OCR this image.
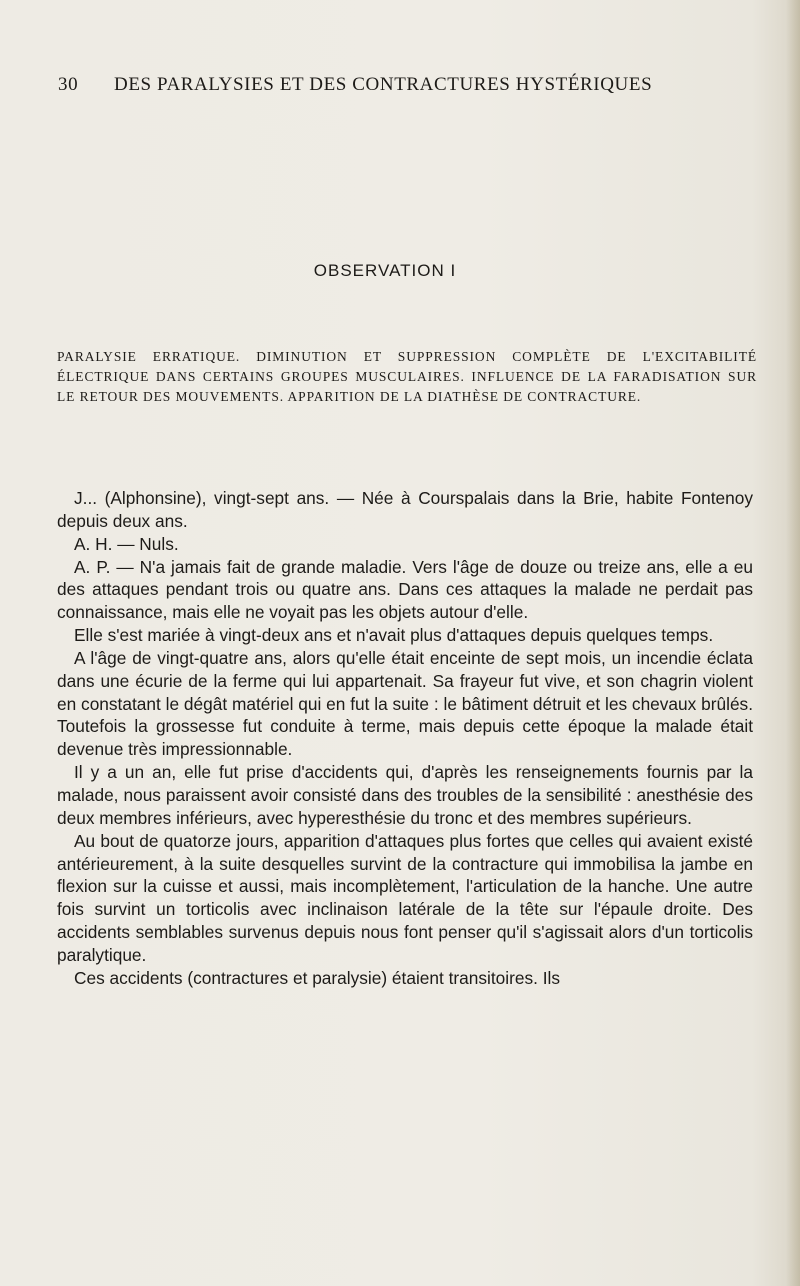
30 DES PARALYSIES ET DES CONTRACTURES HYSTÉRIQUES
OBSERVATION I
PARALYSIE ERRATIQUE. DIMINUTION ET SUPPRESSION COMPLÈTE DE L'EXCITABILITÉ ÉLECTRIQUE DANS CERTAINS GROUPES MUSCULAIRES. INFLUENCE DE LA FARADISATION SUR LE RETOUR DES MOUVEMENTS. APPARITION DE LA DIATHÈSE DE CONTRACTURE.

J... (Alphonsine), vingt-sept ans. — Née à Courspalais dans la Brie, habite Fontenoy depuis deux ans.

A. H. — Nuls.

A. P. — N'a jamais fait de grande maladie. Vers l'âge de douze ou treize ans, elle a eu des attaques pendant trois ou quatre ans. Dans ces attaques la malade ne perdait pas connaissance, mais elle ne voyait pas les objets autour d'elle.

Elle s'est mariée à vingt-deux ans et n'avait plus d'attaques depuis quelques temps.

A l'âge de vingt-quatre ans, alors qu'elle était enceinte de sept mois, un incendie éclata dans une écurie de la ferme qui lui appartenait. Sa frayeur fut vive, et son chagrin violent en constatant le dégât matériel qui en fut la suite : le bâtiment détruit et les chevaux brûlés. Toutefois la grossesse fut conduite à terme, mais depuis cette époque la malade était devenue très impressionnable.

Il y a un an, elle fut prise d'accidents qui, d'après les renseignements fournis par la malade, nous paraissent avoir consisté dans des troubles de la sensibilité : anesthésie des deux membres inférieurs, avec hyperesthésie du tronc et des membres supérieurs.

Au bout de quatorze jours, apparition d'attaques plus fortes que celles qui avaient existé antérieurement, à la suite desquelles survint de la contracture qui immobilisa la jambe en flexion sur la cuisse et aussi, mais incomplètement, l'articulation de la hanche. Une autre fois survint un torticolis avec inclinaison latérale de la tête sur l'épaule droite. Des accidents semblables survenus depuis nous font penser qu'il s'agissait alors d'un torticolis paralytique.

Ces accidents (contractures et paralysie) étaient transitoires. Ils
